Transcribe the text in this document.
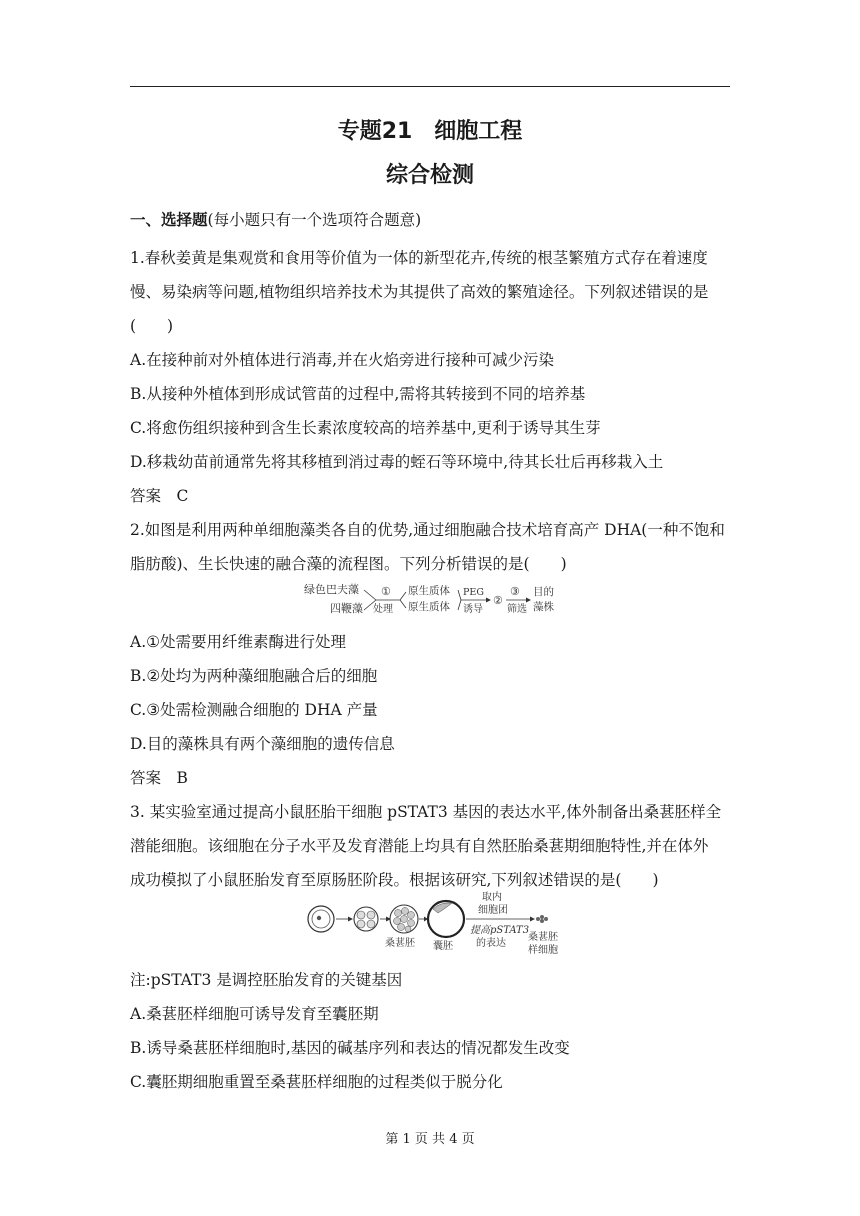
专题21　细胞工程
综合检测
一、选择题(每小题只有一个选项符合题意)
1.春秋姜黄是集观赏和食用等价值为一体的新型花卉,传统的根茎繁殖方式存在着速度
慢、易染病等问题,植物组织培养技术为其提供了高效的繁殖途径。下列叙述错误的是
(　　)
A.在接种前对外植体进行消毒,并在火焰旁进行接种可减少污染
B.从接种外植体到形成试管苗的过程中,需将其转接到不同的培养基
C.将愈伤组织接种到含生长素浓度较高的培养基中,更利于诱导其生芽
D.移栽幼苗前通常先将其移植到消过毒的蛭石等环境中,待其长壮后再移栽入土
答案　C
2.如图是利用两种单细胞藻类各自的优势,通过细胞融合技术培育高产 DHA(一种不饱和
脂肪酸)、生长快速的融合藻的流程图。下列分析错误的是(　　)
绿色巴夫藻
四鞭藻
①
处理
原生质体
原生质体
PEG
诱导
②
③
筛选
目的
藻株
A.①处需要用纤维素酶进行处理
B.②处均为两种藻细胞融合后的细胞
C.③处需检测融合细胞的 DHA 产量
D.目的藻株具有两个藻细胞的遗传信息
答案　B
3. 某实验室通过提高小鼠胚胎干细胞 pSTAT3 基因的表达水平,体外制备出桑葚胚样全
潜能细胞。该细胞在分子水平及发育潜能上均具有自然胚胎桑葚期细胞特性,并在体外
成功模拟了小鼠胚胎发育至原肠胚阶段。根据该研究,下列叙述错误的是(　　)
取内
细胞团
提高pSTAT3
的表达
桑葚胚 囊胚
桑葚胚
样细胞
注:pSTAT3 是调控胚胎发育的关键基因
A.桑葚胚样细胞可诱导发育至囊胚期
B.诱导桑葚胚样细胞时,基因的碱基序列和表达的情况都发生改变
C.囊胚期细胞重置至桑葚胚样细胞的过程类似于脱分化
第 1 页 共 4 页
